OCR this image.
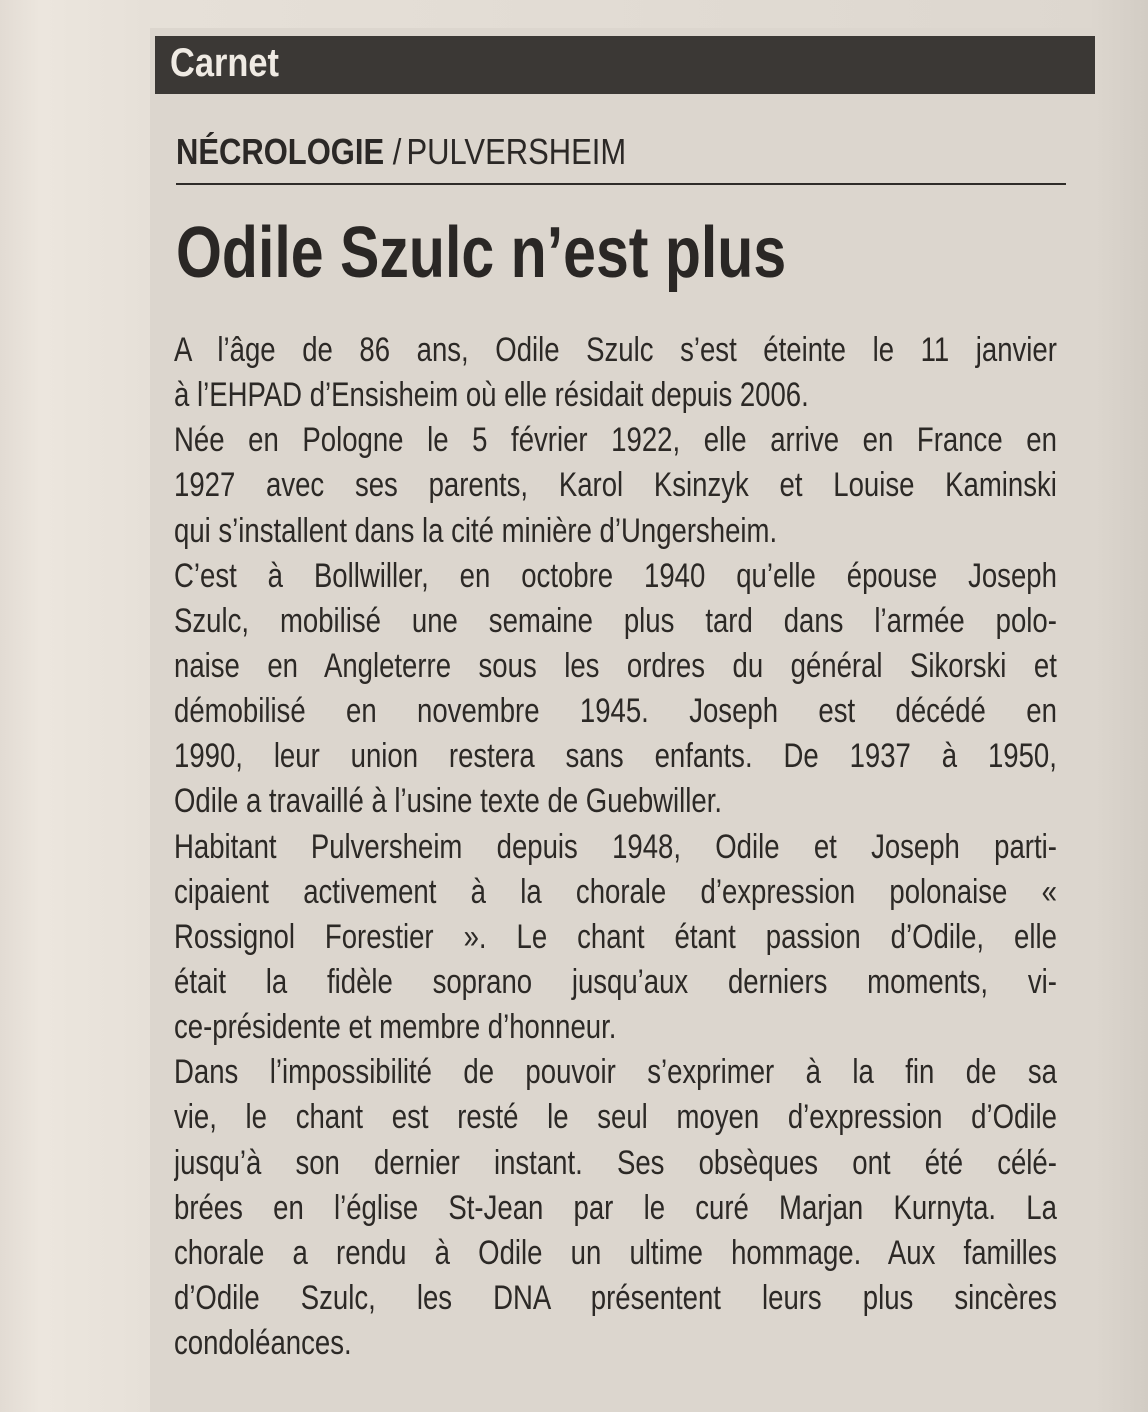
Carnet
NÉCROLOGIE / PULVERSHEIM
Odile Szulc n’est plus
A l’âge de 86 ans, Odile Szulc s’est éteinte le 11 janvier
à l’EHPAD d’Ensisheim où elle résidait depuis 2006.
Née en Pologne le 5 février 1922, elle arrive en France en
1927 avec ses parents, Karol Ksinzyk et Louise Kaminski
qui s’installent dans la cité minière d’Ungersheim.
C’est à Bollwiller, en octobre 1940 qu’elle épouse Joseph
Szulc, mobilisé une semaine plus tard dans l’armée polo-
naise en Angleterre sous les ordres du général Sikorski et
démobilisé en novembre 1945. Joseph est décédé en
1990, leur union restera sans enfants. De 1937 à 1950,
Odile a travaillé à l’usine texte de Guebwiller.
Habitant Pulversheim depuis 1948, Odile et Joseph parti-
cipaient activement à la chorale d’expression polonaise «
Rossignol Forestier ». Le chant étant passion d’Odile, elle
était la fidèle soprano jusqu’aux derniers moments, vi-
ce-présidente et membre d’honneur.
Dans l’impossibilité de pouvoir s’exprimer à la fin de sa
vie, le chant est resté le seul moyen d’expression d’Odile
jusqu’à son dernier instant. Ses obsèques ont été célé-
brées en l’église St-Jean par le curé Marjan Kurnyta. La
chorale a rendu à Odile un ultime hommage. Aux familles
d’Odile Szulc, les DNA présentent leurs plus sincères
condoléances.
